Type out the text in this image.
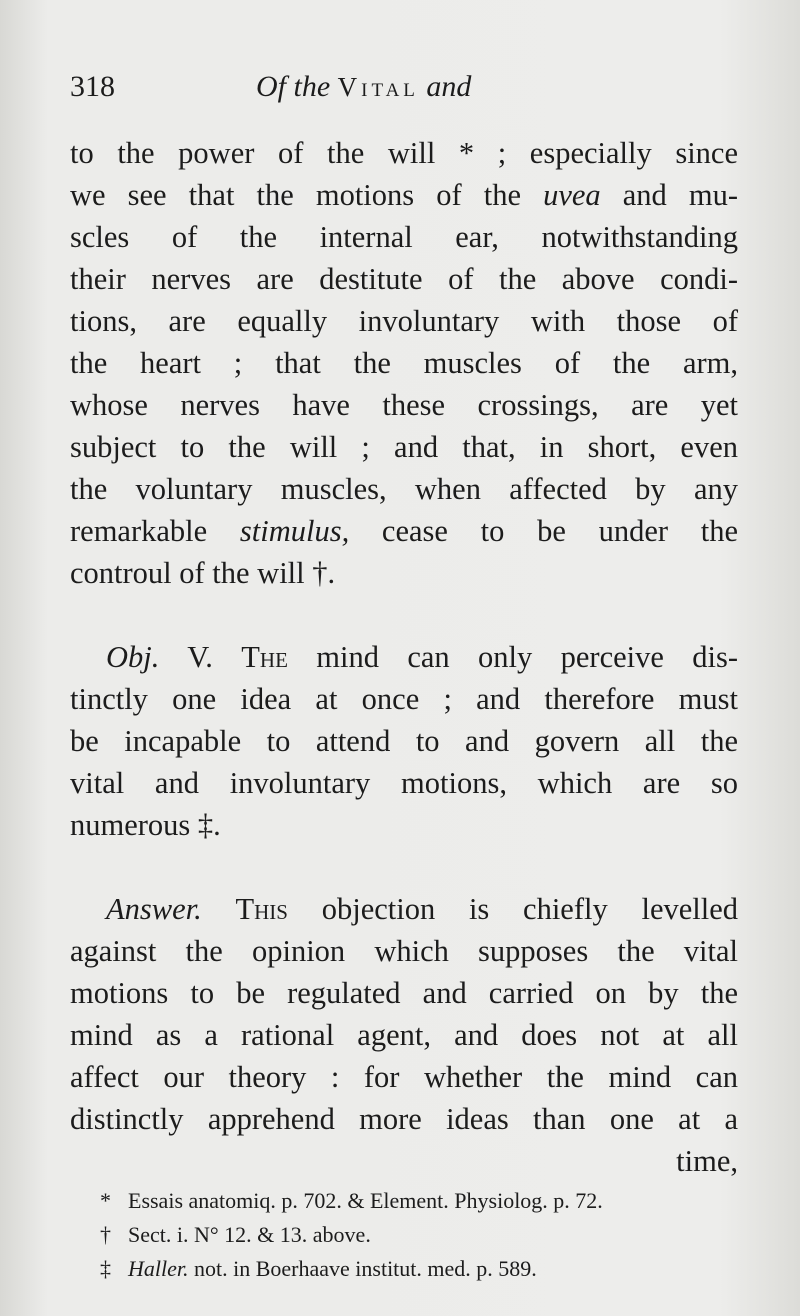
318	Of the Vital and
to the power of the will * ; especially since
we see that the motions of the uvea and mu-
scles of the internal ear, notwithstanding
their nerves are destitute of the above condi-
tions, are equally involuntary with those of
the heart ; that the muscles of the arm,
whose nerves have these crossings, are yet
subject to the will ; and that, in short, even
the voluntary muscles, when affected by any
remarkable stimulus, cease to be under the
controul of the will †.
Obj. V. The mind can only perceive dis-
tinctly one idea at once ; and therefore must
be incapable to attend to and govern all the
vital and involuntary motions, which are so
numerous ‡.
Answer. This objection is chiefly levelled
against the opinion which supposes the vital
motions to be regulated and carried on by the
mind as a rational agent, and does not at all
affect our theory : for whether the mind can
distinctly apprehend more ideas than one at a
time,
* Essais anatomiq. p. 702. & Element. Physiolog. p. 72.
† Sect. i. N° 12. & 13. above.
‡ Haller. not. in Boerhaave institut. med. p. 589.
